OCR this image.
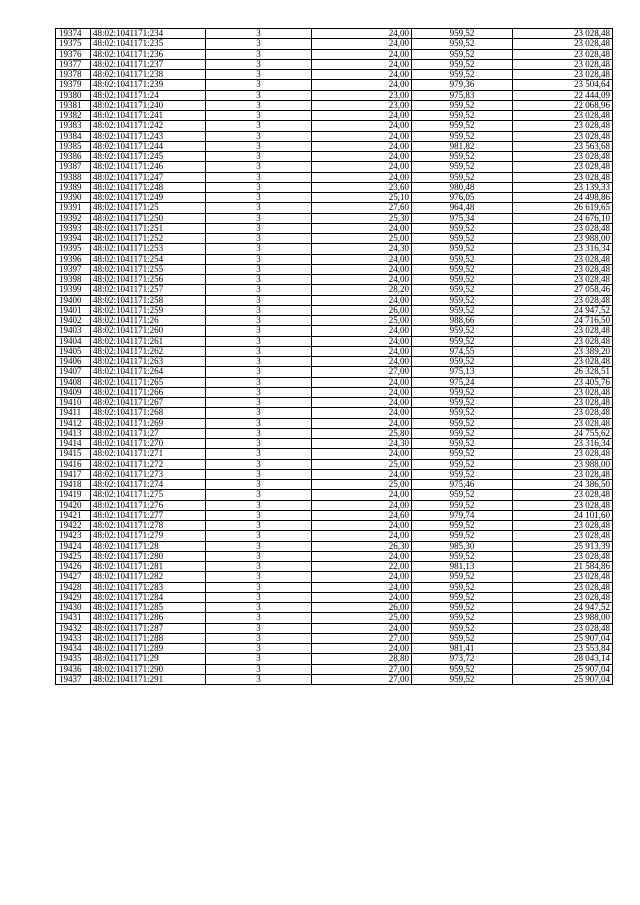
19374	48:02:1041171:234	3	24,00	959,52	23 028,48
19375	48:02:1041171:235	3	24,00	959,52	23 028,48
19376	48:02:1041171:236	3	24,00	959,52	23 028,48
19377	48:02:1041171:237	3	24,00	959,52	23 028,48
19378	48:02:1041171:238	3	24,00	959,52	23 028,48
19379	48:02:1041171:239	3	24,00	979,36	23 504,64
19380	48:02:1041171:24	3	23,00	975,83	22 444,09
19381	48:02:1041171:240	3	23,00	959,52	22 068,96
19382	48:02:1041171:241	3	24,00	959,52	23 028,48
19383	48:02:1041171:242	3	24,00	959,52	23 028,48
19384	48:02:1041171:243	3	24,00	959,52	23 028,48
19385	48:02:1041171:244	3	24,00	981,82	23 563,68
19386	48:02:1041171:245	3	24,00	959,52	23 028,48
19387	48:02:1041171:246	3	24,00	959,52	23 028,48
19388	48:02:1041171:247	3	24,00	959,52	23 028,48
19389	48:02:1041171:248	3	23,60	980,48	23 139,33
19390	48:02:1041171:249	3	25,10	976,05	24 498,86
19391	48:02:1041171:25	3	27,60	964,48	26 619,65
19392	48:02:1041171:250	3	25,30	975,34	24 676,10
19393	48:02:1041171:251	3	24,00	959,52	23 028,48
19394	48:02:1041171:252	3	25,00	959,52	23 988,00
19395	48:02:1041171:253	3	24,30	959,52	23 316,34
19396	48:02:1041171:254	3	24,00	959,52	23 028,48
19397	48:02:1041171:255	3	24,00	959,52	23 028,48
19398	48:02:1041171:256	3	24,00	959,52	23 028,48
19399	48:02:1041171:257	3	28,20	959,52	27 058,46
19400	48:02:1041171:258	3	24,00	959,52	23 028,48
19401	48:02:1041171:259	3	26,00	959,52	24 947,52
19402	48:02:1041171:26	3	25,00	988,66	24 716,50
19403	48:02:1041171:260	3	24,00	959,52	23 028,48
19404	48:02:1041171:261	3	24,00	959,52	23 028,48
19405	48:02:1041171:262	3	24,00	974,55	23 389,20
19406	48:02:1041171:263	3	24,00	959,52	23 028,48
19407	48:02:1041171:264	3	27,00	975,13	26 328,51
19408	48:02:1041171:265	3	24,00	975,24	23 405,76
19409	48:02:1041171:266	3	24,00	959,52	23 028,48
19410	48:02:1041171:267	3	24,00	959,52	23 028,48
19411	48:02:1041171:268	3	24,00	959,52	23 028,48
19412	48:02:1041171:269	3	24,00	959,52	23 028,48
19413	48:02:1041171:27	3	25,80	959,52	24 755,62
19414	48:02:1041171:270	3	24,30	959,52	23 316,34
19415	48:02:1041171:271	3	24,00	959,52	23 028,48
19416	48:02:1041171:272	3	25,00	959,52	23 988,00
19417	48:02:1041171:273	3	24,00	959,52	23 028,48
19418	48:02:1041171:274	3	25,00	975,46	24 386,50
19419	48:02:1041171:275	3	24,00	959,52	23 028,48
19420	48:02:1041171:276	3	24,00	959,52	23 028,48
19421	48:02:1041171:277	3	24,60	979,74	24 101,60
19422	48:02:1041171:278	3	24,00	959,52	23 028,48
19423	48:02:1041171:279	3	24,00	959,52	23 028,48
19424	48:02:1041171:28	3	26,30	985,30	25 913,39
19425	48:02:1041171:280	3	24,00	959,52	23 028,48
19426	48:02:1041171:281	3	22,00	981,13	21 584,86
19427	48:02:1041171:282	3	24,00	959,52	23 028,48
19428	48:02:1041171:283	3	24,00	959,52	23 028,48
19429	48:02:1041171:284	3	24,00	959,52	23 028,48
19430	48:02:1041171:285	3	26,00	959,52	24 947,52
19431	48:02:1041171:286	3	25,00	959,52	23 988,00
19432	48:02:1041171:287	3	24,00	959,52	23 028,48
19433	48:02:1041171:288	3	27,00	959,52	25 907,04
19434	48:02:1041171:289	3	24,00	981,41	23 553,84
19435	48:02:1041171:29	3	28,80	973,72	28 043,14
19436	48:02:1041171:290	3	27,00	959,52	25 907,04
19437	48:02:1041171:291	3	27,00	959,52	25 907,04
